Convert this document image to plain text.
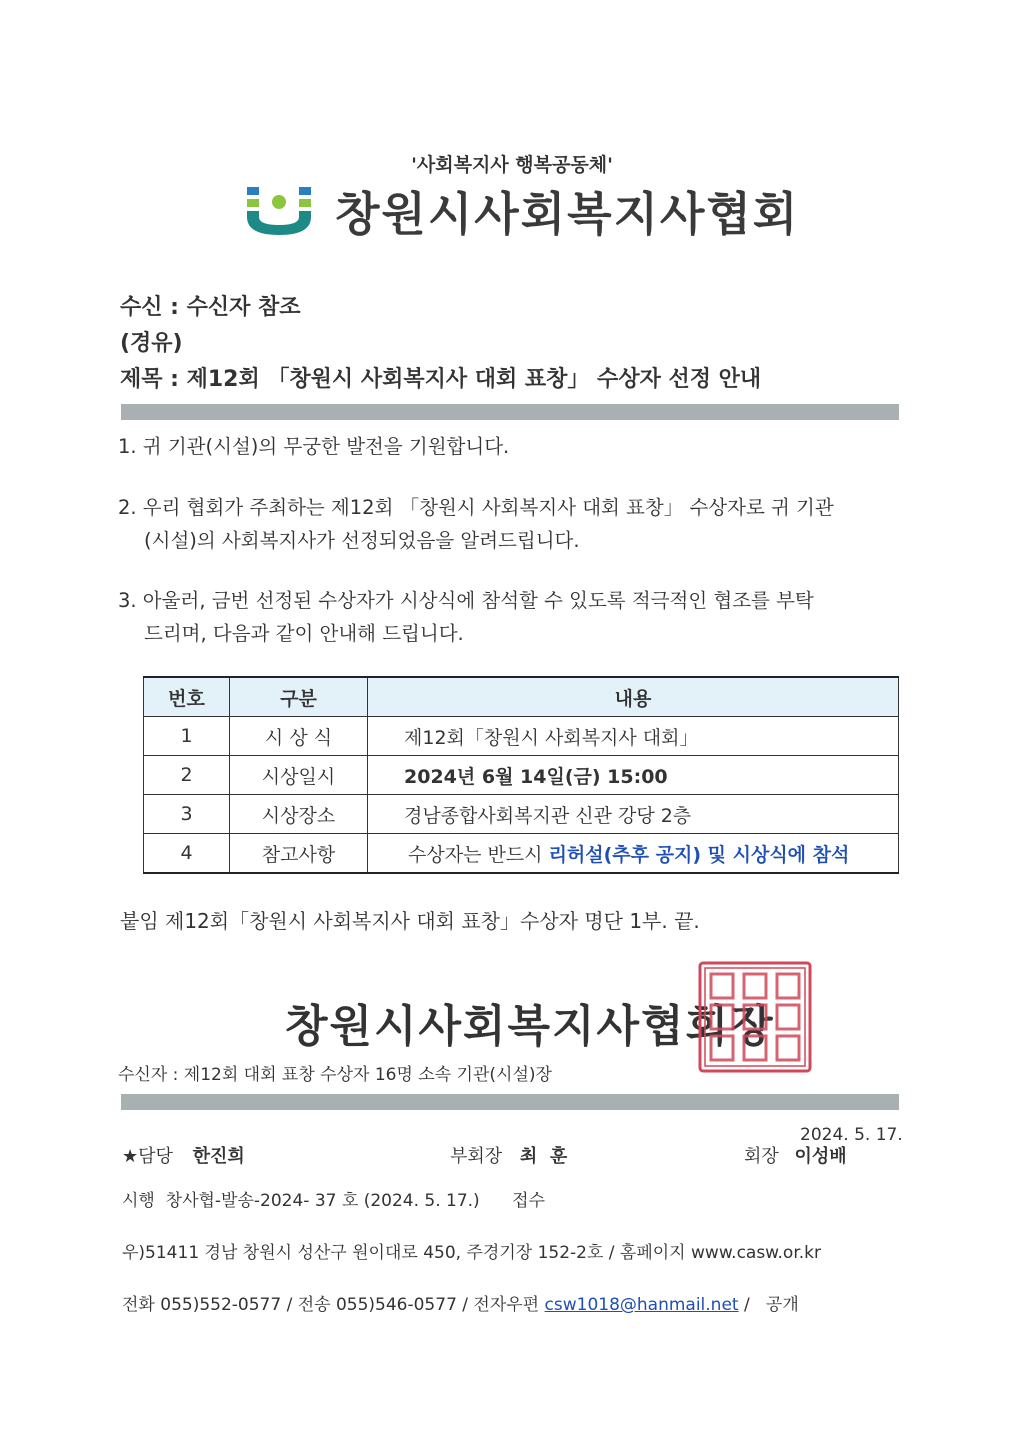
'사회복지사 행복공동체'
창원시사회복지사협회
수신 : 수신자 참조
(경유)
제목 : 제12회 「창원시 사회복지사 대회 표창」 수상자 선정 안내
1. 귀 기관(시설)의 무궁한 발전을 기원합니다.
2. 우리 협회가 주최하는 제12회 「창원시 사회복지사 대회 표창」 수상자로 귀 기관
(시설)의 사회복지사가 선정되었음을 알려드립니다.
3. 아울러, 금번 선정된 수상자가 시상식에 참석할 수 있도록 적극적인 협조를 부탁
드리며, 다음과 같이 안내해 드립니다.
번호	구분	내용
1	시 상 식	제12회「창원시 사회복지사 대회」
2	시상일시	2024년 6월 14일(금) 15:00
3	시상장소	경남종합사회복지관 신관 강당 2층
4	참고사항	수상자는 반드시 리허설(추후 공지) 및 시상식에 참석
붙임 제12회「창원시 사회복지사 대회 표창」수상자 명단 1부. 끝.
창원시사회복지사협회장
수신자 : 제12회 대회 표창 수상자 16명 소속 기관(시설)장
2024. 5. 17.
★담당 한진희	부회장 최  훈	회장 이성배
시행  창사협-발송-2024- 37 호 (2024. 5. 17.) 접수
우)51411 경남 창원시 성산구 원이대로 450, 주경기장 152-2호 / 홈페이지 www.casw.or.kr
전화 055)552-0577 / 전송 055)546-0577 / 전자우편 csw1018@hanmail.net /   공개
